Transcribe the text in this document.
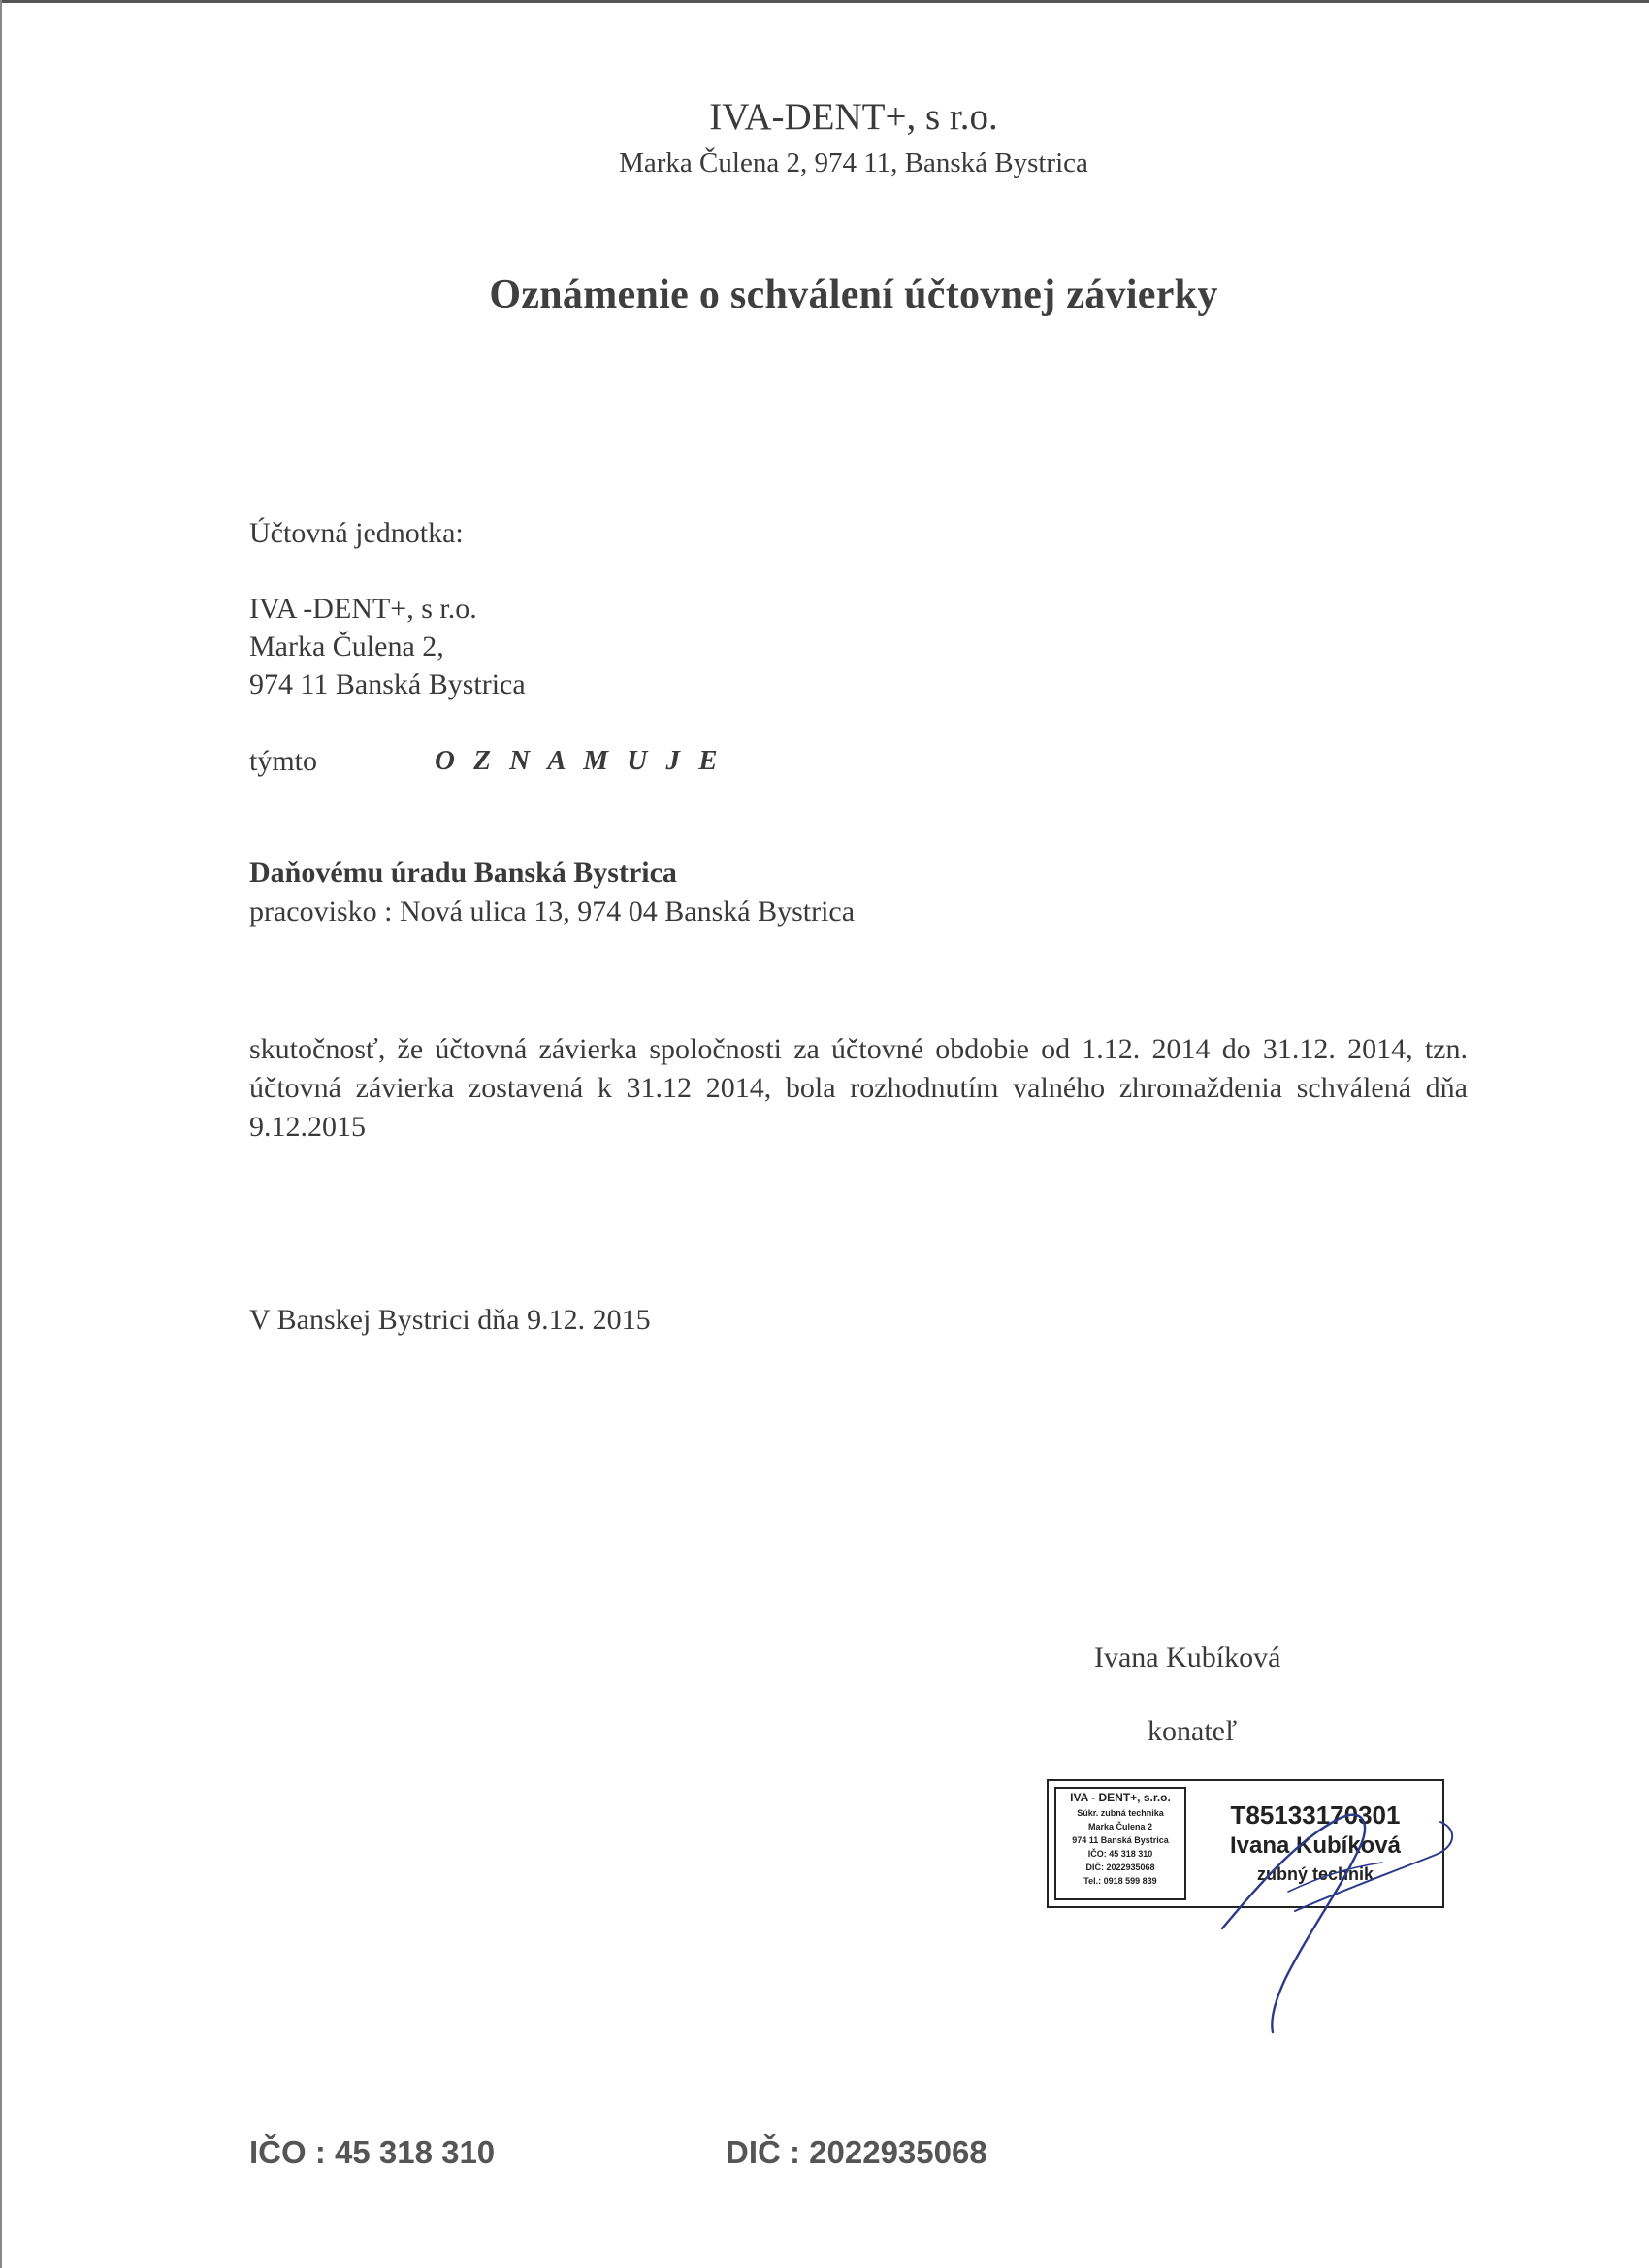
IVA-DENT+, s r.o.
Marka Čulena 2, 974 11, Banská Bystrica
Oznámenie o schválení účtovnej závierky
Účtovná jednotka:
IVA -DENT+, s r.o.
Marka Čulena 2,
974 11 Banská Bystrica
týmto	O Z N A M U J E
Daňovému úradu Banská Bystrica
pracovisko : Nová ulica 13, 974 04 Banská Bystrica
skutočnosť, že účtovná závierka spoločnosti za účtovné obdobie od 1.12. 2014 do 31.12. 2014, tzn. účtovná závierka zostavená k 31.12 2014, bola rozhodnutím valného zhromaždenia schválená dňa 9.12.2015
V Banskej Bystrici dňa 9.12. 2015
Ivana Kubíková
konateľ
IVA - DENT+, s.r.o.
Súkr. zubná technika
Marka Čulena 2
974 11 Banská Bystrica
IČO: 45 318 310
DIČ: 2022935068
Tel.: 0918 599 839
T85133170301
Ivana Kubíková
zubný technik
IČO : 45 318 310	DIČ : 2022935068
